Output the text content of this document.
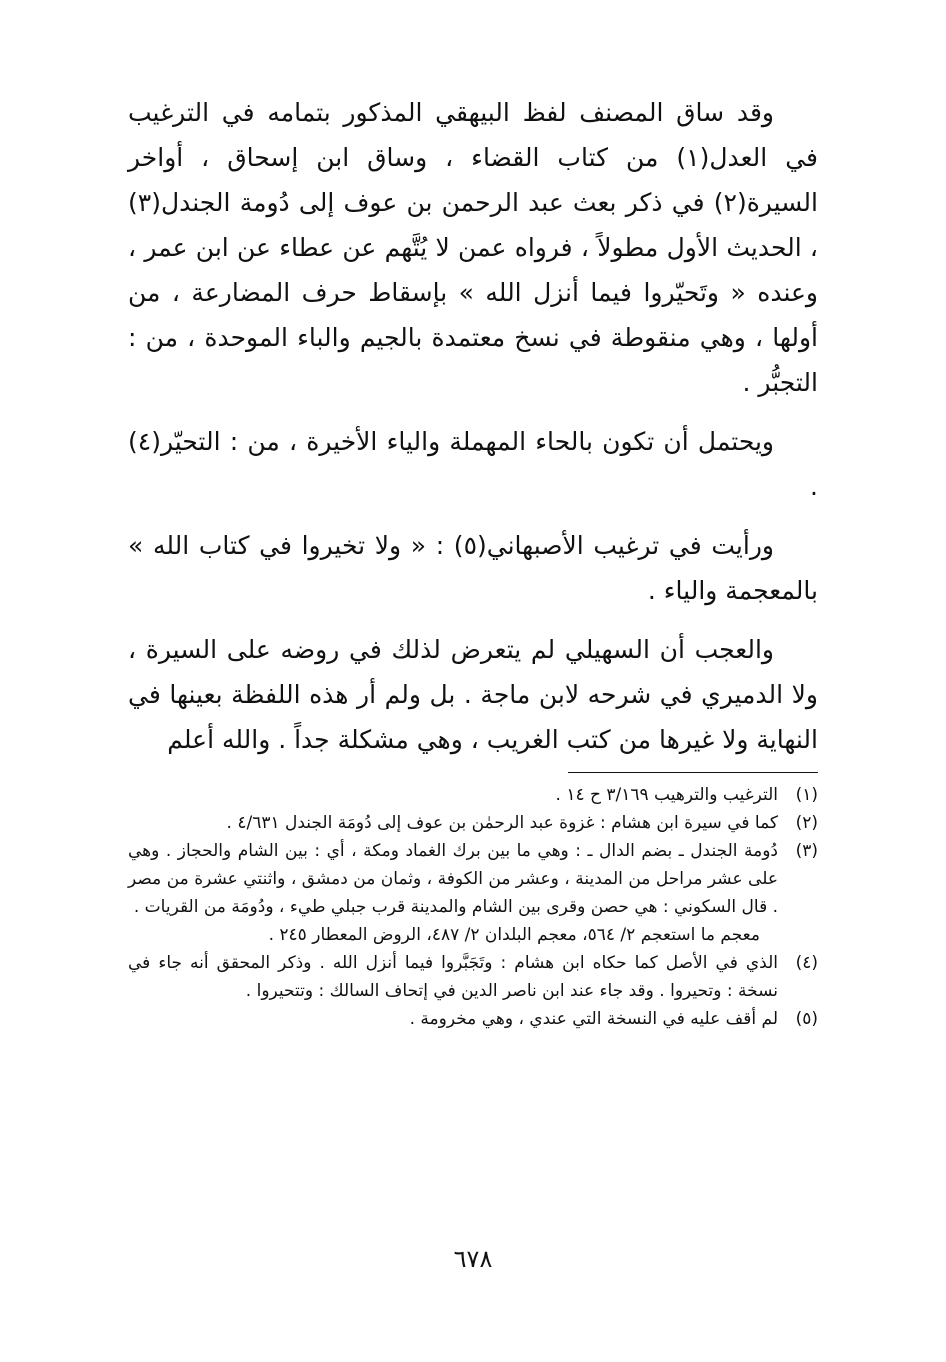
وقد ساق المصنف لفظ البيهقي المذكور بتمامه في الترغيب في العدل(١) من كتاب القضاء ، وساق ابن إسحاق ، أواخر السيرة(٢) في ذكر بعث عبد الرحمن بن عوف إلى دُومة الجندل(٣) ، الحديث الأول مطولاً ، فرواه عمن لا يُتَّهم عن عطاء عن ابن عمر ، وعنده « وتَحيّروا فيما أنزل الله » بإسقاط حرف المضارعة ، من أولها ، وهي منقوطة في نسخ معتمدة بالجيم والباء الموحدة ، من : التجبُّر .

ويحتمل أن تكون بالحاء المهملة والياء الأخيرة ، من : التحيّر(٤) .

ورأيت في ترغيب الأصبهاني(٥) : « ولا تخيروا في كتاب الله » بالمعجمة والياء .

والعجب أن السهيلي لم يتعرض لذلك في روضه على السيرة ، ولا الدميري في شرحه لابن ماجة . بل ولم أر هذه اللفظة بعينها في النهاية ولا غيرها من كتب الغريب ، وهي مشكلة جداً . والله أعلم

(١)
الترغيب والترهيب ٣/١٦٩ ح ١٤ .
(٢)
كما في سيرة ابن هشام : غزوة عبد الرحمٰن بن عوف إلى دُومَة الجندل ٤/٦٣١ .
(٣)
دُومة الجندل ـ بضم الدال ـ : وهي ما بين برك الغماد ومكة ، أي : بين الشام والحجاز . وهي على عشر مراحل من المدينة ، وعشر من الكوفة ، وثمان من دمشق ، واثنتي عشرة من مصر . قال السكوني : هي حصن وقرى بين الشام والمدينة قرب جبلي طيء ، ودُومَة من القريات .
معجم ما استعجم ٢/ ٥٦٤، معجم البلدان ٢/ ٤٨٧، الروض المعطار ٢٤٥ .
(٤)
الذي في الأصل كما حكاه ابن هشام : وتَجَبَّروا فيما أنزل الله . وذكر المحقق أنه جاء في نسخة : وتحيروا . وقد جاء عند ابن ناصر الدين في إتحاف السالك : وتتحيروا .
(٥)
لم أقف عليه في النسخة التي عندي ، وهي مخرومة .
٦٧٨
